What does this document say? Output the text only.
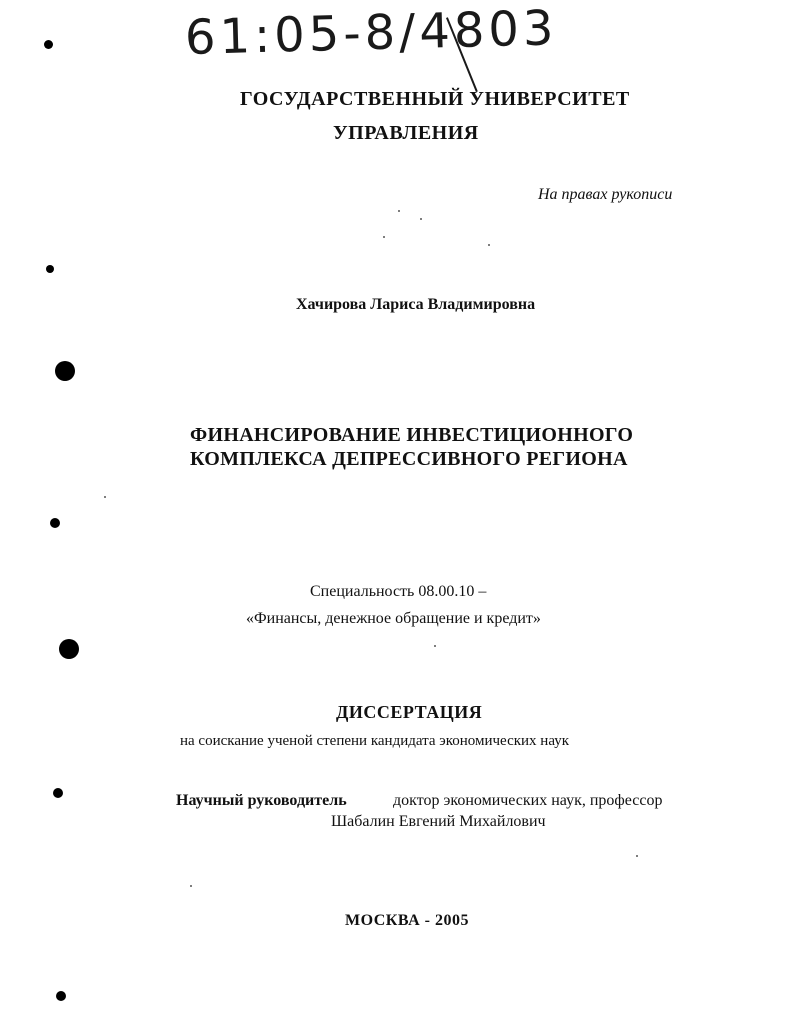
61:05-8/4803
ГОСУДАРСТВЕННЫЙ УНИВЕРСИТЕТ
УПРАВЛЕНИЯ
На правах рукописи
Хачирова Лариса Владимировна
ФИНАНСИРОВАНИЕ ИНВЕСТИЦИОННОГО
КОМПЛЕКСА ДЕПРЕССИВНОГО РЕГИОНА
Специальность 08.00.10 –
«Финансы, денежное обращение и кредит»
ДИССЕРТАЦИЯ
на соискание ученой степени кандидата экономических наук
Научный руководитель	доктор экономических наук, профессор
Шабалин Евгений Михайлович
МОСКВА - 2005
